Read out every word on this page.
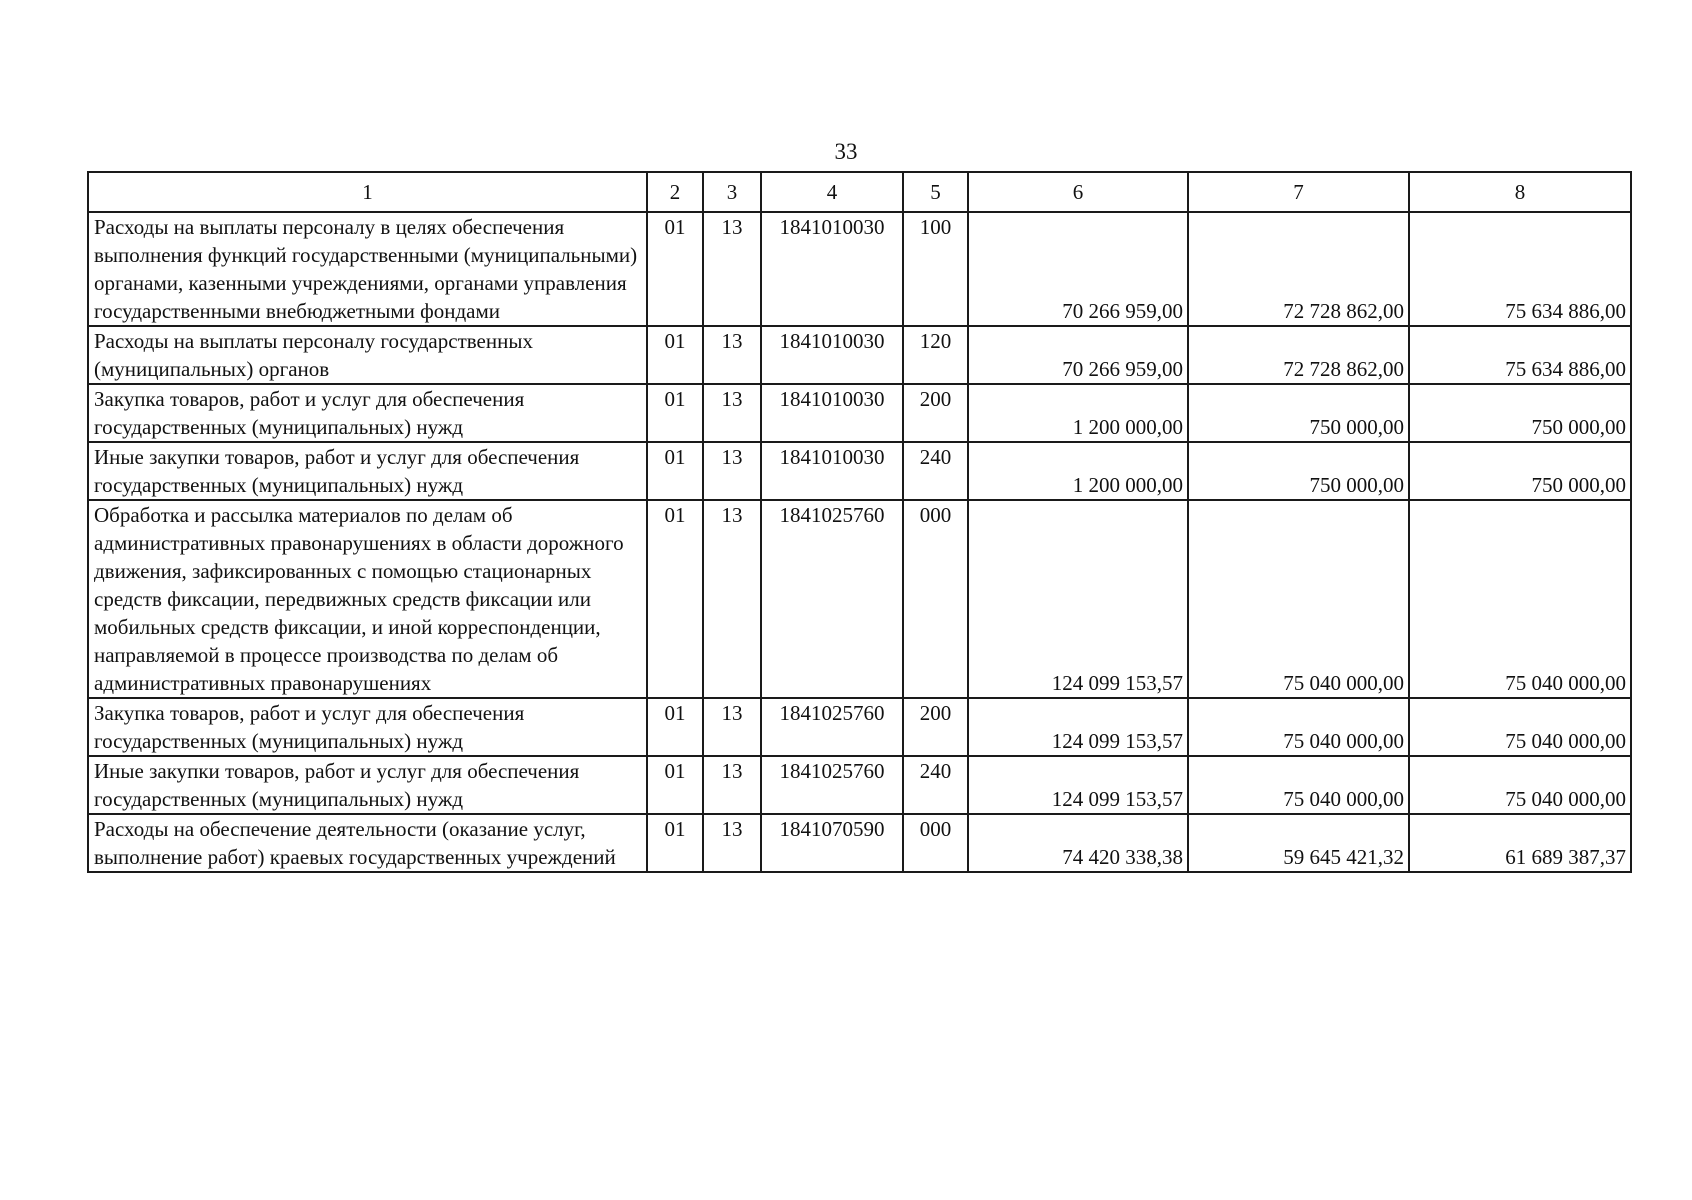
33
1	2	3	4	5	6	7	8
Расходы на выплаты персоналу в целях обеспечения выполнения функций государственными (муниципальными) органами, казенными учреждениями, органами управления государственными внебюджетными фондами	01	13	1841010030	100	70 266 959,00	72 728 862,00	75 634 886,00
Расходы на выплаты персоналу государственных (муниципальных) органов	01	13	1841010030	120	70 266 959,00	72 728 862,00	75 634 886,00
Закупка товаров, работ и услуг для обеспечения государственных (муниципальных) нужд	01	13	1841010030	200	1 200 000,00	750 000,00	750 000,00
Иные закупки товаров, работ и услуг для обеспечения государственных (муниципальных) нужд	01	13	1841010030	240	1 200 000,00	750 000,00	750 000,00
Обработка и рассылка материалов по делам об административных правонарушениях в области дорожного движения, зафиксированных с помощью стационарных средств фиксации, передвижных средств фиксации или мобильных средств фиксации, и иной корреспонденции, направляемой в процессе производства по делам об административных правонарушениях	01	13	1841025760	000	124 099 153,57	75 040 000,00	75 040 000,00
Закупка товаров, работ и услуг для обеспечения государственных (муниципальных) нужд	01	13	1841025760	200	124 099 153,57	75 040 000,00	75 040 000,00
Иные закупки товаров, работ и услуг для обеспечения государственных (муниципальных) нужд	01	13	1841025760	240	124 099 153,57	75 040 000,00	75 040 000,00
Расходы на обеспечение деятельности (оказание услуг, выполнение работ) краевых государственных учреждений	01	13	1841070590	000	74 420 338,38	59 645 421,32	61 689 387,37
